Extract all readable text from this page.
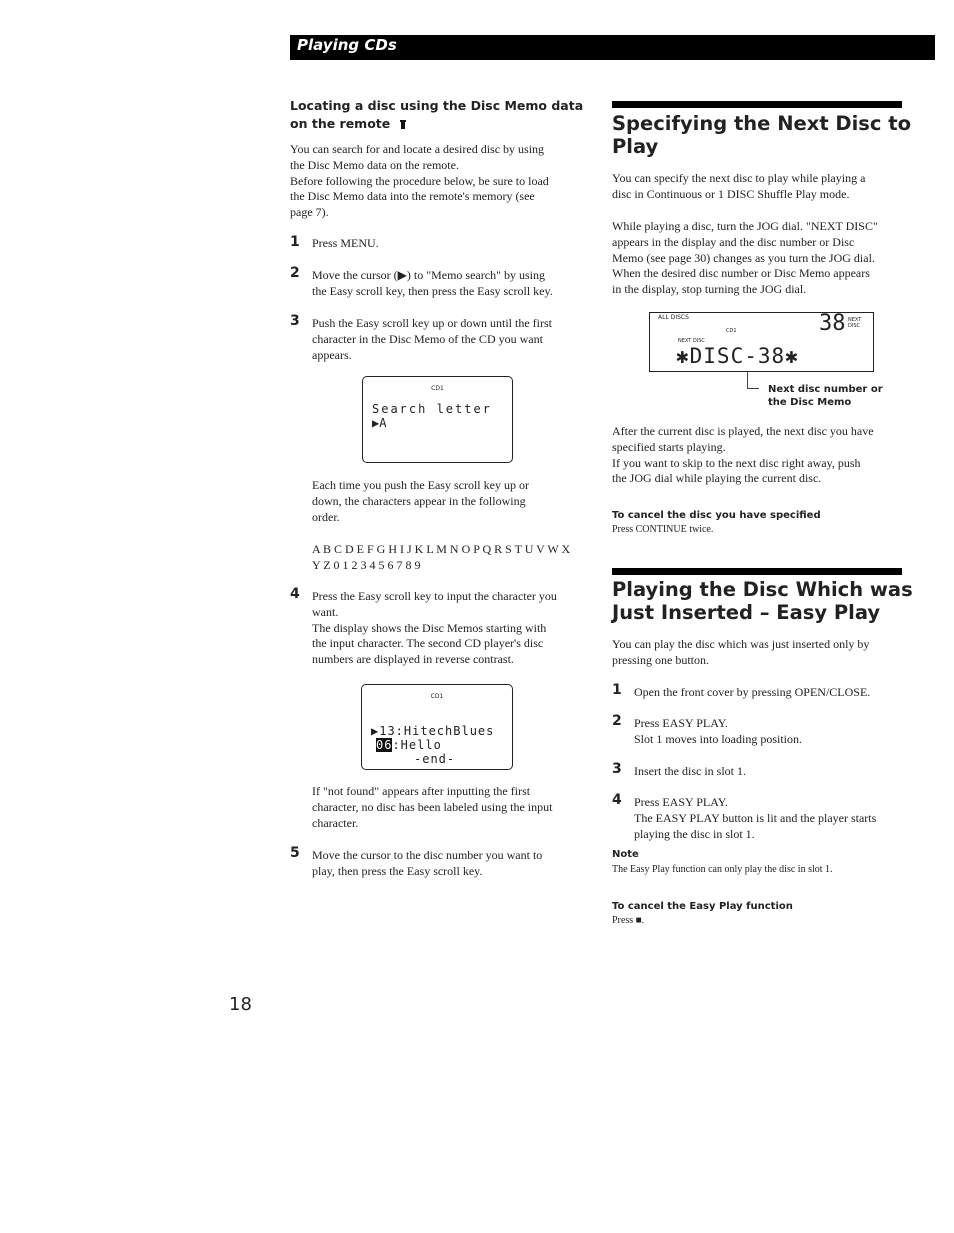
Playing CDs
Locating a disc using the Disc Memo data
on the remote
You can search for and locate a desired disc by using
the Disc Memo data on the remote.
Before following the procedure below, be sure to load
the Disc Memo data into the remote's memory (see
page 7).
1 Press MENU.
2 Move the cursor (▶) to "Memo search" by using
the Easy scroll key, then press the Easy scroll key.
3 Push the Easy scroll key up or down until the first
character in the Disc Memo of the CD you want
appears.
CD1
Search letter
▶A
Each time you push the Easy scroll key up or
down, the characters appear in the following
order.
A B C D E F G H I J K L M N O P Q R S T U V W X
Y Z 0 1 2 3 4 5 6 7 8 9
4 Press the Easy scroll key to input the character you
want.
The display shows the Disc Memos starting with
the input character. The second CD player's disc
numbers are displayed in reverse contrast.
CD1
▶13:HitechBlues
06:Hello
-end-
If "not found" appears after inputting the first
character, no disc has been labeled using the input
character.
5 Move the cursor to the disc number you want to
play, then press the Easy scroll key.
Specifying the Next Disc to
Play
You can specify the next disc to play while playing a
disc in Continuous or 1 DISC Shuffle Play mode.
While playing a disc, turn the JOG dial. "NEXT DISC"
appears in the display and the disc number or Disc
Memo (see page 30) changes as you turn the JOG dial.
When the desired disc number or Disc Memo appears
in the display, stop turning the JOG dial.
ALL DISCS
CD1
NEXT DISC
38 NEXT
DISC
✱DISC-38✱
Next disc number or
the Disc Memo
After the current disc is played, the next disc you have
specified starts playing.
If you want to skip to the next disc right away, push
the JOG dial while playing the current disc.
To cancel the disc you have specified
Press CONTINUE twice.
Playing the Disc Which was
Just Inserted – Easy Play
You can play the disc which was just inserted only by
pressing one button.
1 Open the front cover by pressing OPEN/CLOSE.
2 Press EASY PLAY.
Slot 1 moves into loading position.
3 Insert the disc in slot 1.
4 Press EASY PLAY.
The EASY PLAY button is lit and the player starts
playing the disc in slot 1.
Note
The Easy Play function can only play the disc in slot 1.
To cancel the Easy Play function
Press ■.
18
